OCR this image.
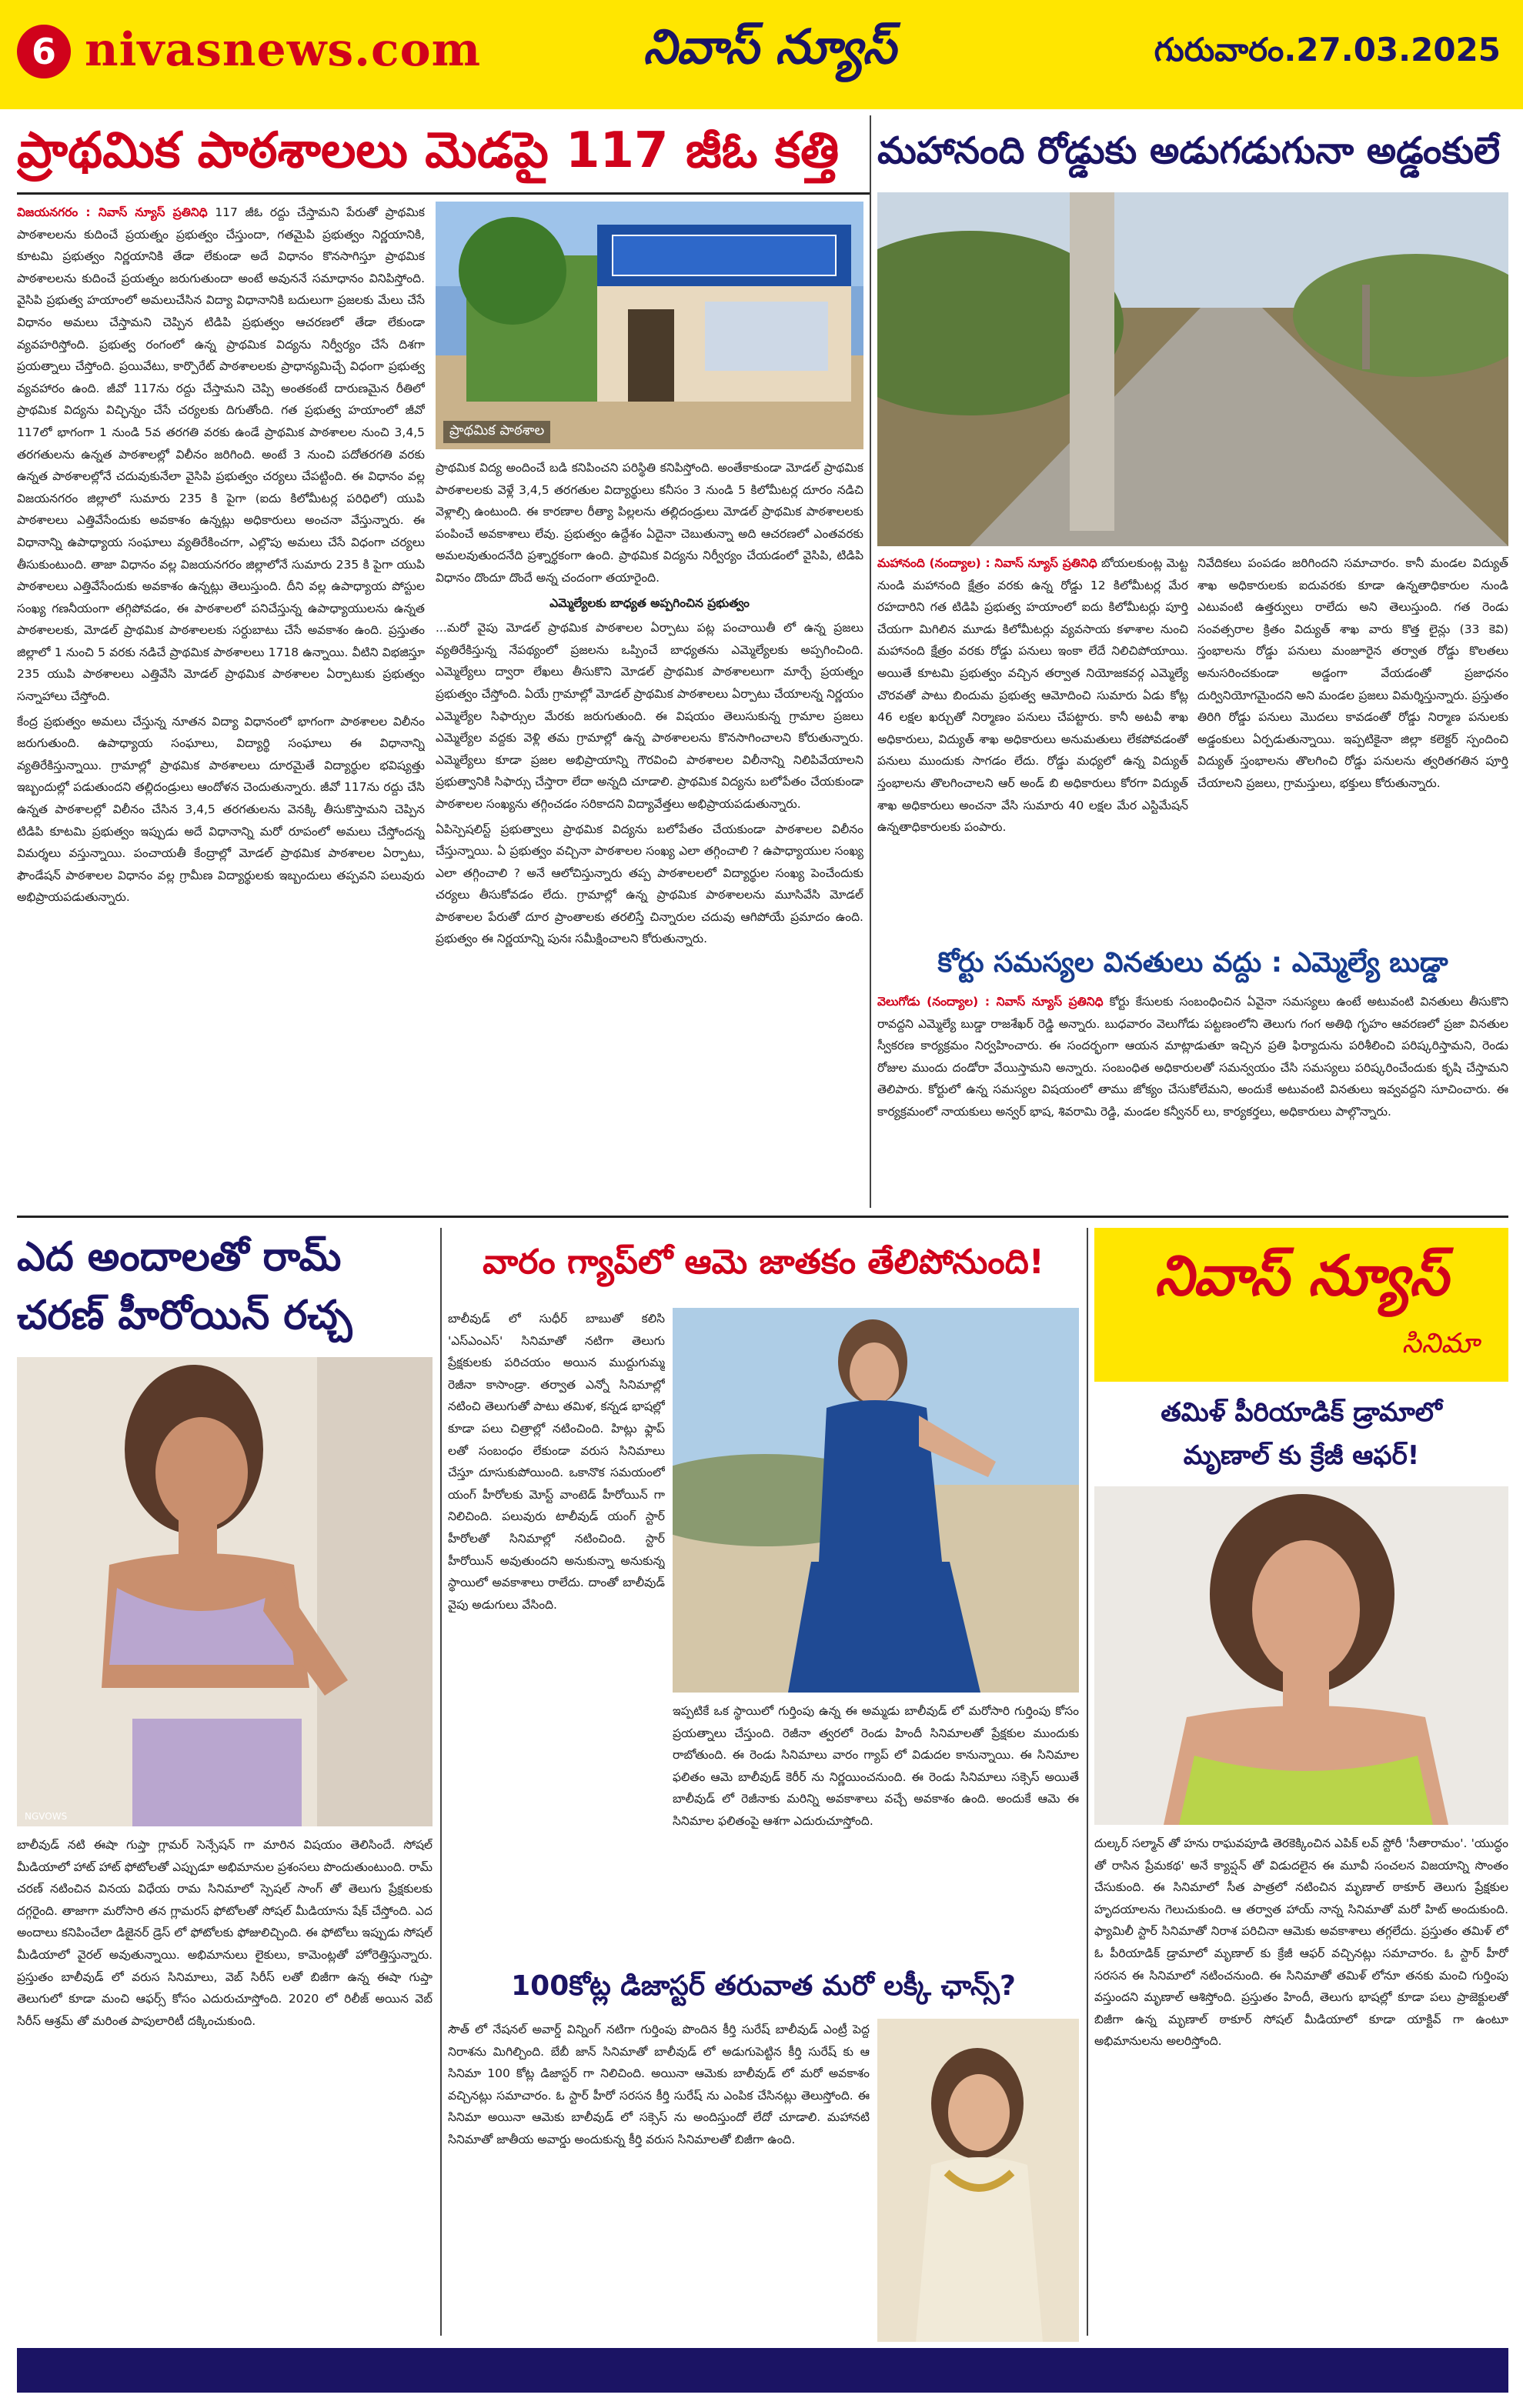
6 nivasnews.com	నివాస్ న్యూస్	గురువారం.27.03.2025
ప్రాథమిక పాఠశాలలు మెడపై 117 జీఓ కత్తి

విజయనగరం : నివాస్ న్యూస్ ప్రతినిధి 117 జీఓ రద్దు చేస్తామని పేరుతో ప్రాథమిక పాఠశాలలను కుదించే ప్రయత్నం ప్రభుత్వం చేస్తుందా, గతమైపి ప్రభుత్వం నిర్ణయానికి, కూటమి ప్రభుత్వం నిర్ణయానికి తేడా లేకుండా అదే విధానం కొనసాగిస్తూ ప్రాథమిక పాఠశాలలను కుదించే ప్రయత్నం జరుగుతుందా అంటే అవుననే సమాధానం వినిపిస్తోంది. వైసిపి ప్రభుత్వ హయాంలో అమలుచేసిన విద్యా విధానానికి బదులుగా ప్రజలకు మేలు చేసే విధానం అమలు చేస్తామని చెప్పిన టిడిపి ప్రభుత్వం ఆచరణలో తేడా లేకుండా వ్యవహరిస్తోంది. ప్రభుత్వ రంగంలో ఉన్న ప్రాథమిక విద్యను నిర్వీర్యం చేసే దిశగా ప్రయత్నాలు చేస్తోంది. ప్రయివేటు, కార్పొరేట్ పాఠశాలలకు ప్రాధాన్యమిచ్చే విధంగా ప్రభుత్వ వ్యవహారం ఉంది. జీవో 117ను రద్దు చేస్తామని చెప్పి అంతకంటే దారుణమైన రీతిలో ప్రాథమిక విద్యను విచ్ఛిన్నం చేసే చర్యలకు దిగుతోంది. గత ప్రభుత్వ హయాంలో జీవో 117లో భాగంగా 1 నుండి 5వ తరగతి వరకు ఉండే ప్రాథమిక పాఠశాలల నుంచి 3,4,5 తరగతులను ఉన్నత పాఠశాలల్లో విలీనం జరిగింది. అంటే 3 నుంచి పదోతరగతి వరకు ఉన్నత పాఠశాలల్లోనే చదువుకునేలా వైసిపి ప్రభుత్వం చర్యలు చేపట్టింది. ఈ విధానం వల్ల విజయనగరం జిల్లాలో సుమారు 235 కి పైగా (ఐదు కిలోమీటర్ల పరిధిలో) యుపి పాఠశాలలు ఎత్తివేసేందుకు అవకాశం ఉన్నట్లు అధికారులు అంచనా వేస్తున్నారు. ఈ విధానాన్ని ఉపాధ్యాయ సంఘాలు వ్యతిరేకించగా, ఎల్లొపు అమలు చేసే విధంగా చర్యలు తీసుకుంటుంది. తాజా విధానం వల్ల విజయనగరం జిల్లాలోనే సుమారు 235 కి పైగా యుపి పాఠశాలలు ఎత్తివేసేందుకు అవకాశం ఉన్నట్లు తెలుస్తుంది. దీని వల్ల ఉపాధ్యాయ పోస్టుల సంఖ్య గణనీయంగా తగ్గిపోవడం, ఈ పాఠశాలలో పనిచేస్తున్న ఉపాధ్యాయులను ఉన్నత పాఠశాలలకు, మోడల్ ప్రాథమిక పాఠశాలలకు సర్దుబాటు చేసే అవకాశం ఉంది. ప్రస్తుతం జిల్లాలో 1 నుంచి 5 వరకు నడిచే ప్రాథమిక పాఠశాలలు 1718 ఉన్నాయి. వీటిని విభజిస్తూ 235 యుపి పాఠశాలలు ఎత్తివేసి మోడల్ ప్రాథమిక పాఠశాలల ఏర్పాటుకు ప్రభుత్వం సన్నాహాలు చేస్తోంది.

కేంద్ర ప్రభుత్వం అమలు చేస్తున్న నూతన విద్యా విధానంలో భాగంగా పాఠశాలల విలీనం జరుగుతుంది. ఉపాధ్యాయ సంఘాలు, విద్యార్థి సంఘాలు ఈ విధానాన్ని వ్యతిరేకిస్తున్నాయి. గ్రామాల్లో ప్రాథమిక పాఠశాలలు దూరమైతే విద్యార్థుల భవిష్యత్తు ఇబ్బందుల్లో పడుతుందని తల్లిదండ్రులు ఆందోళన చెందుతున్నారు. జీవో 117ను రద్దు చేసి ఉన్నత పాఠశాలల్లో విలీనం చేసిన 3,4,5 తరగతులను వెనక్కి తీసుకొస్తామని చెప్పిన టిడిపి కూటమి ప్రభుత్వం ఇప్పుడు అదే విధానాన్ని మరో రూపంలో అమలు చేస్తోందన్న విమర్శలు వస్తున్నాయి. పంచాయతీ కేంద్రాల్లో మోడల్ ప్రాథమిక పాఠశాలల ఏర్పాటు, ఫౌండేషన్ పాఠశాలల విధానం వల్ల గ్రామీణ విద్యార్థులకు ఇబ్బందులు తప్పవని పలువురు అభిప్రాయపడుతున్నారు.

ప్రాథమిక పాఠశాల

ప్రాథమిక విద్య అందించే బడి కనిపించని పరిస్థితి కనిపిస్తోంది. అంతేకాకుండా మోడల్ ప్రాథమిక పాఠశాలలకు వెళ్లే 3,4,5 తరగతుల విద్యార్థులు కనీసం 3 నుండి 5 కిలోమీటర్ల దూరం నడిచి వెళ్లాల్సి ఉంటుంది. ఈ కారణాల రీత్యా పిల్లలను తల్లిదండ్రులు మోడల్ ప్రాథమిక పాఠశాలలకు పంపించే అవకాశాలు లేవు. ప్రభుత్వం ఉద్దేశం ఏదైనా చెబుతున్నా అది ఆచరణలో ఎంతవరకు అమలవుతుందనేది ప్రశ్నార్థకంగా ఉంది. ప్రాథమిక విద్యను నిర్వీర్యం చేయడంలో వైసిపి, టిడిపి విధానం దొందూ దొందే అన్న చందంగా తయారైంది.

ఎమ్మెల్యేలకు బాధ్యత అప్పగించిన ప్రభుత్వం

...మరో వైపు మోడల్ ప్రాథమిక పాఠశాలల ఏర్పాటు పట్ల పంచాయితీ లో ఉన్న ప్రజలు వ్యతిరేకిస్తున్న నేపథ్యంలో ప్రజలను ఒప్పించే బాధ్యతను ఎమ్మెల్యేలకు అప్పగించింది. ఎమ్మెల్యేలు ద్వారా లేఖలు తీసుకొని మోడల్ ప్రాథమిక పాఠశాలలుగా మార్చే ప్రయత్నం ప్రభుత్వం చేస్తోంది. ఏయే గ్రామాల్లో మోడల్ ప్రాథమిక పాఠశాలలు ఏర్పాటు చేయాలన్న నిర్ణయం ఎమ్మెల్యేల సిఫార్సుల మేరకు జరుగుతుంది. ఈ విషయం తెలుసుకున్న గ్రామాల ప్రజలు ఎమ్మెల్యేల వద్దకు వెళ్లి తమ గ్రామాల్లో ఉన్న పాఠశాలలను కొనసాగించాలని కోరుతున్నారు. ఎమ్మెల్యేలు కూడా ప్రజల అభిప్రాయాన్ని గౌరవించి పాఠశాలల విలీనాన్ని నిలిపివేయాలని ప్రభుత్వానికి సిఫార్సు చేస్తారా లేదా అన్నది చూడాలి. ప్రాథమిక విద్యను బలోపేతం చేయకుండా పాఠశాలల సంఖ్యను తగ్గించడం సరికాదని విద్యావేత్తలు అభిప్రాయపడుతున్నారు.

ఏపిస్పెషలిస్ట్ ప్రభుత్వాలు ప్రాథమిక విద్యను బలోపేతం చేయకుండా పాఠశాలల విలీనం చేస్తున్నాయి. ఏ ప్రభుత్వం వచ్చినా పాఠశాలల సంఖ్య ఎలా తగ్గించాలి ? ఉపాధ్యాయుల సంఖ్య ఎలా తగ్గించాలి ? అనే ఆలోచిస్తున్నారు తప్ప పాఠశాలలలో విద్యార్థుల సంఖ్య పెంచేందుకు చర్యలు తీసుకోవడం లేదు. గ్రామాల్లో ఉన్న ప్రాథమిక పాఠశాలలను మూసివేసి మోడల్ పాఠశాలల పేరుతో దూర ప్రాంతాలకు తరలిస్తే చిన్నారుల చదువు ఆగిపోయే ప్రమాదం ఉంది. ప్రభుత్వం ఈ నిర్ణయాన్ని పునః సమీక్షించాలని కోరుతున్నారు.

మహానంది రోడ్డుకు అడుగడుగునా అడ్డంకులే

మహానంది (నంద్యాల) : నివాస్ న్యూస్ ప్రతినిధి బోయలకుంట్ల మెట్ట నుండి మహానంది క్షేత్రం వరకు ఉన్న రోడ్డు 12 కిలోమీటర్ల మేర రహదారిని గత టిడిపి ప్రభుత్వ హయాంలో ఐదు కిలోమీటర్లు పూర్తి చేయగా మిగిలిన మూడు కిలోమీటర్లు వ్యవసాయ కళాశాల నుంచి మహానంది క్షేత్రం వరకు రోడ్డు పనులు ఇంకా లేదే నిలిచిపోయాయి. అయితే కూటమి ప్రభుత్వం వచ్చిన తర్వాత నియోజకవర్గ ఎమ్మెల్యే చొరవతో పాటు బిందుమ ప్రభుత్వ ఆమోదించి సుమారు ఏడు కోట్ల 46 లక్షల ఖర్చుతో నిర్మాణం పనులు చేపట్టారు. కానీ అటవీ శాఖ అధికారులు, విద్యుత్ శాఖ అధికారులు అనుమతులు లేకపోవడంతో పనులు ముందుకు సాగడం లేదు. రోడ్డు మధ్యలో ఉన్న విద్యుత్ స్తంభాలను తొలగించాలని ఆర్ అండ్ బి అధికారులు కోరగా విద్యుత్ శాఖ అధికారులు అంచనా వేసి సుమారు 40 లక్షల మేర ఎస్టిమేషన్ ఉన్నతాధికారులకు పంపారు.

నివేదికలు పంపడం జరిగిందని సమాచారం. కానీ మండల విద్యుత్ శాఖ అధికారులకు ఐదువరకు కూడా ఉన్నతాధికారుల నుండి ఎటువంటి ఉత్తర్వులు రాలేదు అని తెలుస్తుంది. గత రెండు సంవత్సరాల క్రితం విద్యుత్ శాఖ వారు కొత్త లైన్లు (33 కెవి) స్తంభాలను రోడ్డు పనులు మంజూరైన తర్వాత రోడ్డు కొలతలు అనుసరించకుండా అడ్డంగా వేయడంతో ప్రజాధనం దుర్వినియోగమైందని అని మండల ప్రజలు విమర్శిస్తున్నారు. ప్రస్తుతం తిరిగి రోడ్డు పనులు మొదలు కావడంతో రోడ్డు నిర్మాణ పనులకు అడ్డంకులు ఏర్పడుతున్నాయి. ఇప్పటికైనా జిల్లా కలెక్టర్ స్పందించి విద్యుత్ స్తంభాలను తొలగించి రోడ్డు పనులను త్వరితగతిన పూర్తి చేయాలని ప్రజలు, గ్రామస్తులు, భక్తులు కోరుతున్నారు.

కోర్టు సమస్యల వినతులు వద్దు : ఎమ్మెల్యే బుడ్డా

వెలుగోడు (నంద్యాల) : నివాస్ న్యూస్ ప్రతినిధి కోర్టు కేసులకు సంబంధించిన ఏవైనా సమస్యలు ఉంటే అటువంటి వినతులు తీసుకొని రావద్దని ఎమ్మెల్యే బుడ్డా రాజశేఖర్ రెడ్డి అన్నారు. బుధవారం వెలుగోడు పట్టణంలోని తెలుగు గంగ అతిథి గృహం ఆవరణలో ప్రజా వినతుల స్వీకరణ కార్యక్రమం నిర్వహించారు. ఈ సందర్భంగా ఆయన మాట్లాడుతూ ఇచ్చిన ప్రతి ఫిర్యాదును పరిశీలించి పరిష్కరిస్తామని, రెండు రోజుల ముందు దండోరా వేయిస్తామని అన్నారు. సంబంధిత అధికారులతో సమన్వయం చేసి సమస్యలు పరిష్కరించేందుకు కృషి చేస్తామని తెలిపారు. కోర్టులో ఉన్న సమస్యల విషయంలో తాము జోక్యం చేసుకోలేమని, అందుకే అటువంటి వినతులు ఇవ్వవద్దని సూచించారు. ఈ కార్యక్రమంలో నాయకులు అన్వర్ భాష, శివరామి రెడ్డి, మండల కన్వీనర్ లు, కార్యకర్తలు, అధికారులు పాల్గొన్నారు.

ఎద అందాలతో రామ్
చరణ్ హీరోయిన్ రచ్చ
NGVOWS

బాలీవుడ్ నటి ఈషా గుప్తా గ్లామర్ సెన్సేషన్ గా మారిన విషయం తెలిసిందే. సోషల్ మీడియాలో హాట్ హాట్ ఫోటోలతో ఎప్పుడూ అభిమానుల ప్రశంసలు పొందుతుంటుంది. రామ్ చరణ్ నటించిన వినయ విధేయ రామ సినిమాలో స్పెషల్ సాంగ్ తో తెలుగు ప్రేక్షకులకు దగ్గరైంది. తాజాగా మరోసారి తన గ్లామరస్ ఫోటోలతో సోషల్ మీడియాను షేక్ చేస్తోంది. ఎద అందాలు కనిపించేలా డిజైనర్ డ్రెస్ లో ఫోటోలకు ఫోజులిచ్చింది. ఈ ఫోటోలు ఇప్పుడు సోషల్ మీడియాలో వైరల్ అవుతున్నాయి. అభిమానులు లైకులు, కామెంట్లతో హోరెత్తిస్తున్నారు. ప్రస్తుతం బాలీవుడ్ లో వరుస సినిమాలు, వెబ్ సిరీస్ లతో బిజీగా ఉన్న ఈషా గుప్తా తెలుగులో కూడా మంచి ఆఫర్స్ కోసం ఎదురుచూస్తోంది. 2020 లో రిలీజ్ అయిన వెబ్ సిరీస్ ఆశ్రమ్ తో మరింత పాపులారిటీ దక్కించుకుంది.

వారం గ్యాప్‌లో ఆమె జాతకం తేలిపోనుంది!

బాలీవుడ్ లో సుధీర్ బాబుతో కలిసి 'ఎస్ఎంఎస్' సినిమాతో నటిగా తెలుగు ప్రేక్షకులకు పరిచయం అయిన ముద్దుగుమ్మ రెజీనా కాసాండ్రా. తర్వాత ఎన్నో సినిమాల్లో నటించి తెలుగుతో పాటు తమిళ, కన్నడ భాషల్లో కూడా పలు చిత్రాల్లో నటించింది. హిట్లు ఫ్లాప్ లతో సంబంధం లేకుండా వరుస సినిమాలు చేస్తూ దూసుకుపోయింది. ఒకానొక సమయంలో యంగ్ హీరోలకు మోస్ట్ వాంటెడ్ హీరోయిన్ గా నిలిచింది. పలువురు టాలీవుడ్ యంగ్ స్టార్ హీరోలతో సినిమాల్లో నటించింది. స్టార్ హీరోయిన్ అవుతుందని అనుకున్నా అనుకున్న స్థాయిలో అవకాశాలు రాలేదు. దాంతో బాలీవుడ్ వైపు అడుగులు వేసింది.

ఇప్పటికే ఒక స్థాయిలో గుర్తింపు ఉన్న ఈ అమ్మడు బాలీవుడ్ లో మరోసారి గుర్తింపు కోసం ప్రయత్నాలు చేస్తుంది. రెజీనా త్వరలో రెండు హిందీ సినిమాలతో ప్రేక్షకుల ముందుకు రాబోతుంది. ఈ రెండు సినిమాలు వారం గ్యాప్ లో విడుదల కానున్నాయి. ఈ సినిమాల ఫలితం ఆమె బాలీవుడ్ కెరీర్ ను నిర్ణయించనుంది. ఈ రెండు సినిమాలు సక్సెస్ అయితే బాలీవుడ్ లో రెజీనాకు మరిన్ని అవకాశాలు వచ్చే అవకాశం ఉంది. అందుకే ఆమె ఈ సినిమాల ఫలితంపై ఆశగా ఎదురుచూస్తోంది.

100కోట్ల డిజాస్టర్ తరువాత మరో లక్కీ ఛాన్స్?

సౌత్ లో నేషనల్ అవార్డ్ విన్నింగ్ నటిగా గుర్తింపు పొందిన కీర్తి సురేష్ బాలీవుడ్ ఎంట్రీ పెద్ద నిరాశను మిగిల్చింది. బేబీ జాన్ సినిమాతో బాలీవుడ్ లో అడుగుపెట్టిన కీర్తి సురేష్ కు ఆ సినిమా 100 కోట్ల డిజాస్టర్ గా నిలిచింది. అయినా ఆమెకు బాలీవుడ్ లో మరో అవకాశం వచ్చినట్లు సమాచారం. ఓ స్టార్ హీరో సరసన కీర్తి సురేష్ ను ఎంపిక చేసినట్లు తెలుస్తోంది. ఈ సినిమా అయినా ఆమెకు బాలీవుడ్ లో సక్సెస్ ను అందిస్తుందో లేదో చూడాలి. మహానటి సినిమాతో జాతీయ అవార్డు అందుకున్న కీర్తి వరుస సినిమాలతో బిజీగా ఉంది.

నివాస్ న్యూస్
సినిమా
తమిళ్ పీరియాడిక్ డ్రామాలో
మృణాల్ కు క్రేజీ ఆఫర్!

దుల్కర్ సల్మాన్ తో హను రాఘవపూడి తెరకెక్కించిన ఎపిక్ లవ్ స్టోరీ 'సీతారామం'. 'యుద్ధం తో రాసిన ప్రేమకథ' అనే క్యాప్షన్ తో విడుదలైన ఈ మూవీ సంచలన విజయాన్ని సొంతం చేసుకుంది. ఈ సినిమాలో సీత పాత్రలో నటించిన మృణాల్ ఠాకూర్ తెలుగు ప్రేక్షకుల హృదయాలను గెలుచుకుంది. ఆ తర్వాత హాయ్ నాన్న సినిమాతో మరో హిట్ అందుకుంది. ఫ్యామిలీ స్టార్ సినిమాతో నిరాశ పరిచినా ఆమెకు అవకాశాలు తగ్గలేదు. ప్రస్తుతం తమిళ్ లో ఓ పీరియాడిక్ డ్రామాలో మృణాల్ కు క్రేజీ ఆఫర్ వచ్చినట్లు సమాచారం. ఓ స్టార్ హీరో సరసన ఈ సినిమాలో నటించనుంది. ఈ సినిమాతో తమిళ్ లోనూ తనకు మంచి గుర్తింపు వస్తుందని మృణాల్ ఆశిస్తోంది. ప్రస్తుతం హిందీ, తెలుగు భాషల్లో కూడా పలు ప్రాజెక్టులతో బిజీగా ఉన్న మృణాల్ ఠాకూర్ సోషల్ మీడియాలో కూడా యాక్టివ్ గా ఉంటూ అభిమానులను అలరిస్తోంది.
